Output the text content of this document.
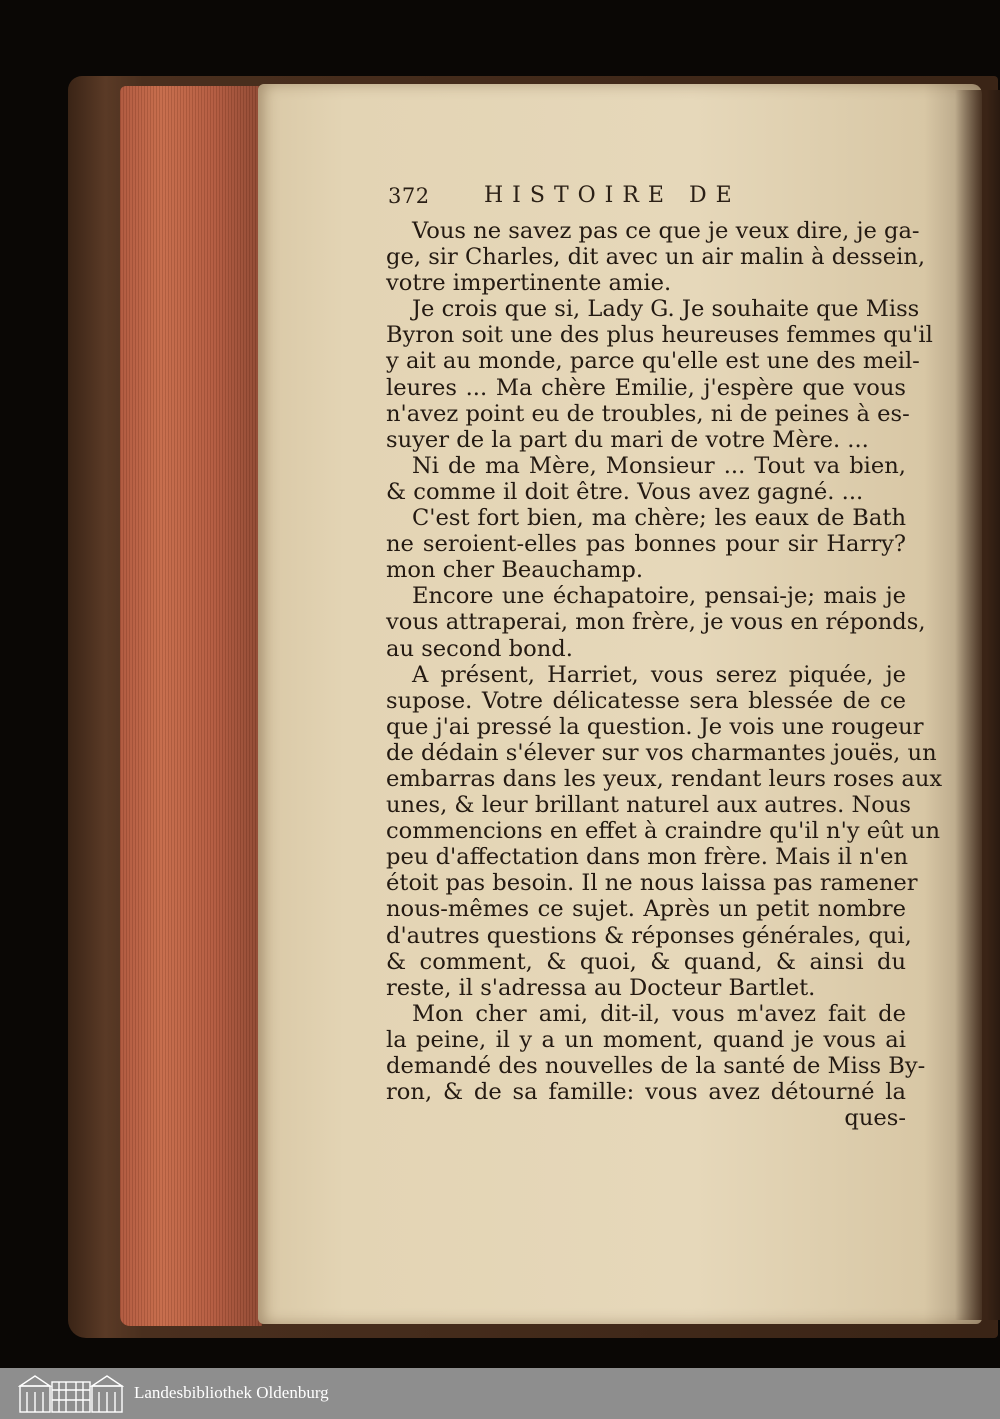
372 HISTOIRE DE
Vous ne savez pas ce que je veux dire, je ga-
ge, sir Charles, dit avec un air malin à dessein,
votre impertinente amie.
Je crois que si, Lady G. Je souhaite que Miss
Byron soit une des plus heureuses femmes qu'il
y ait au monde, parce qu'elle est une des meil-
leures ... Ma chère Emilie, j'espère que vous
n'avez point eu de troubles, ni de peines à es-
suyer de la part du mari de votre Mère. ...
Ni de ma Mère, Monsieur ... Tout va bien,
& comme il doit être. Vous avez gagné. ...
C'est fort bien, ma chère; les eaux de Bath
ne seroient-elles pas bonnes pour sir Harry?
mon cher Beauchamp.
Encore une échapatoire, pensai-je; mais je
vous attraperai, mon frère, je vous en réponds,
au second bond.
A présent, Harriet, vous serez piquée, je
supose. Votre délicatesse sera blessée de ce
que j'ai pressé la question. Je vois une rougeur
de dédain s'élever sur vos charmantes jouës, un
embarras dans les yeux, rendant leurs roses aux
unes, & leur brillant naturel aux autres. Nous
commencions en effet à craindre qu'il n'y eût un
peu d'affectation dans mon frère. Mais il n'en
étoit pas besoin. Il ne nous laissa pas ramener
nous-mêmes ce sujet. Après un petit nombre
d'autres questions & réponses générales, qui,
& comment, & quoi, & quand, & ainsi du
reste, il s'adressa au Docteur Bartlet.
Mon cher ami, dit-il, vous m'avez fait de
la peine, il y a un moment, quand je vous ai
demandé des nouvelles de la santé de Miss By-
ron, & de sa famille: vous avez détourné la
ques-
Landesbibliothek Oldenburg
